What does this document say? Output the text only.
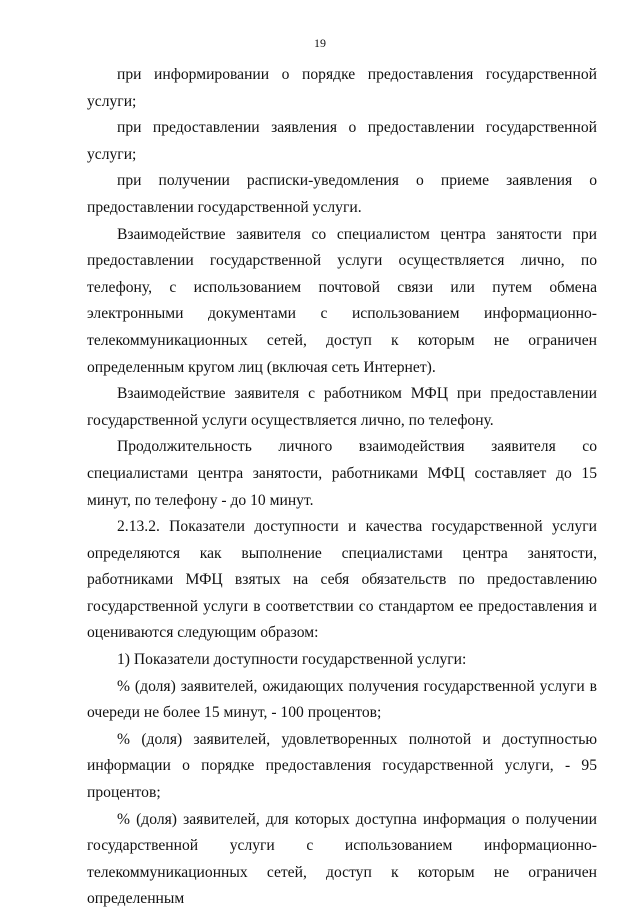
19

при информировании о порядке предоставления государственной услуги;

при предоставлении заявления о предоставлении государственной услуги;

при получении расписки-уведомления о приеме заявления о предоставлении государственной услуги.

Взаимодействие заявителя со специалистом центра занятости при предоставлении государственной услуги осуществляется лично, по телефону, с использованием почтовой связи или путем обмена электронными документами с использованием информационно-телекоммуникационных сетей, доступ к которым не ограничен определенным кругом лиц (включая сеть Интернет).

Взаимодействие заявителя с работником МФЦ при предоставлении государственной услуги осуществляется лично, по телефону.

Продолжительность личного взаимодействия заявителя со специалистами центра занятости, работниками МФЦ составляет до 15 минут, по телефону - до 10 минут.

2.13.2. Показатели доступности и качества государственной услуги определяются как выполнение специалистами центра занятости, работниками МФЦ взятых на себя обязательств по предоставлению государственной услуги в соответствии со стандартом ее предоставления и оцениваются следующим образом:

1) Показатели доступности государственной услуги:

% (доля) заявителей, ожидающих получения государственной услуги в очереди не более 15 минут, - 100 процентов;

% (доля) заявителей, удовлетворенных полнотой и доступностью информации о порядке предоставления государственной услуги, - 95 процентов;

% (доля) заявителей, для которых доступна информация о получении государственной услуги с использованием информационно-телекоммуникационных сетей, доступ к которым не ограничен определенным
